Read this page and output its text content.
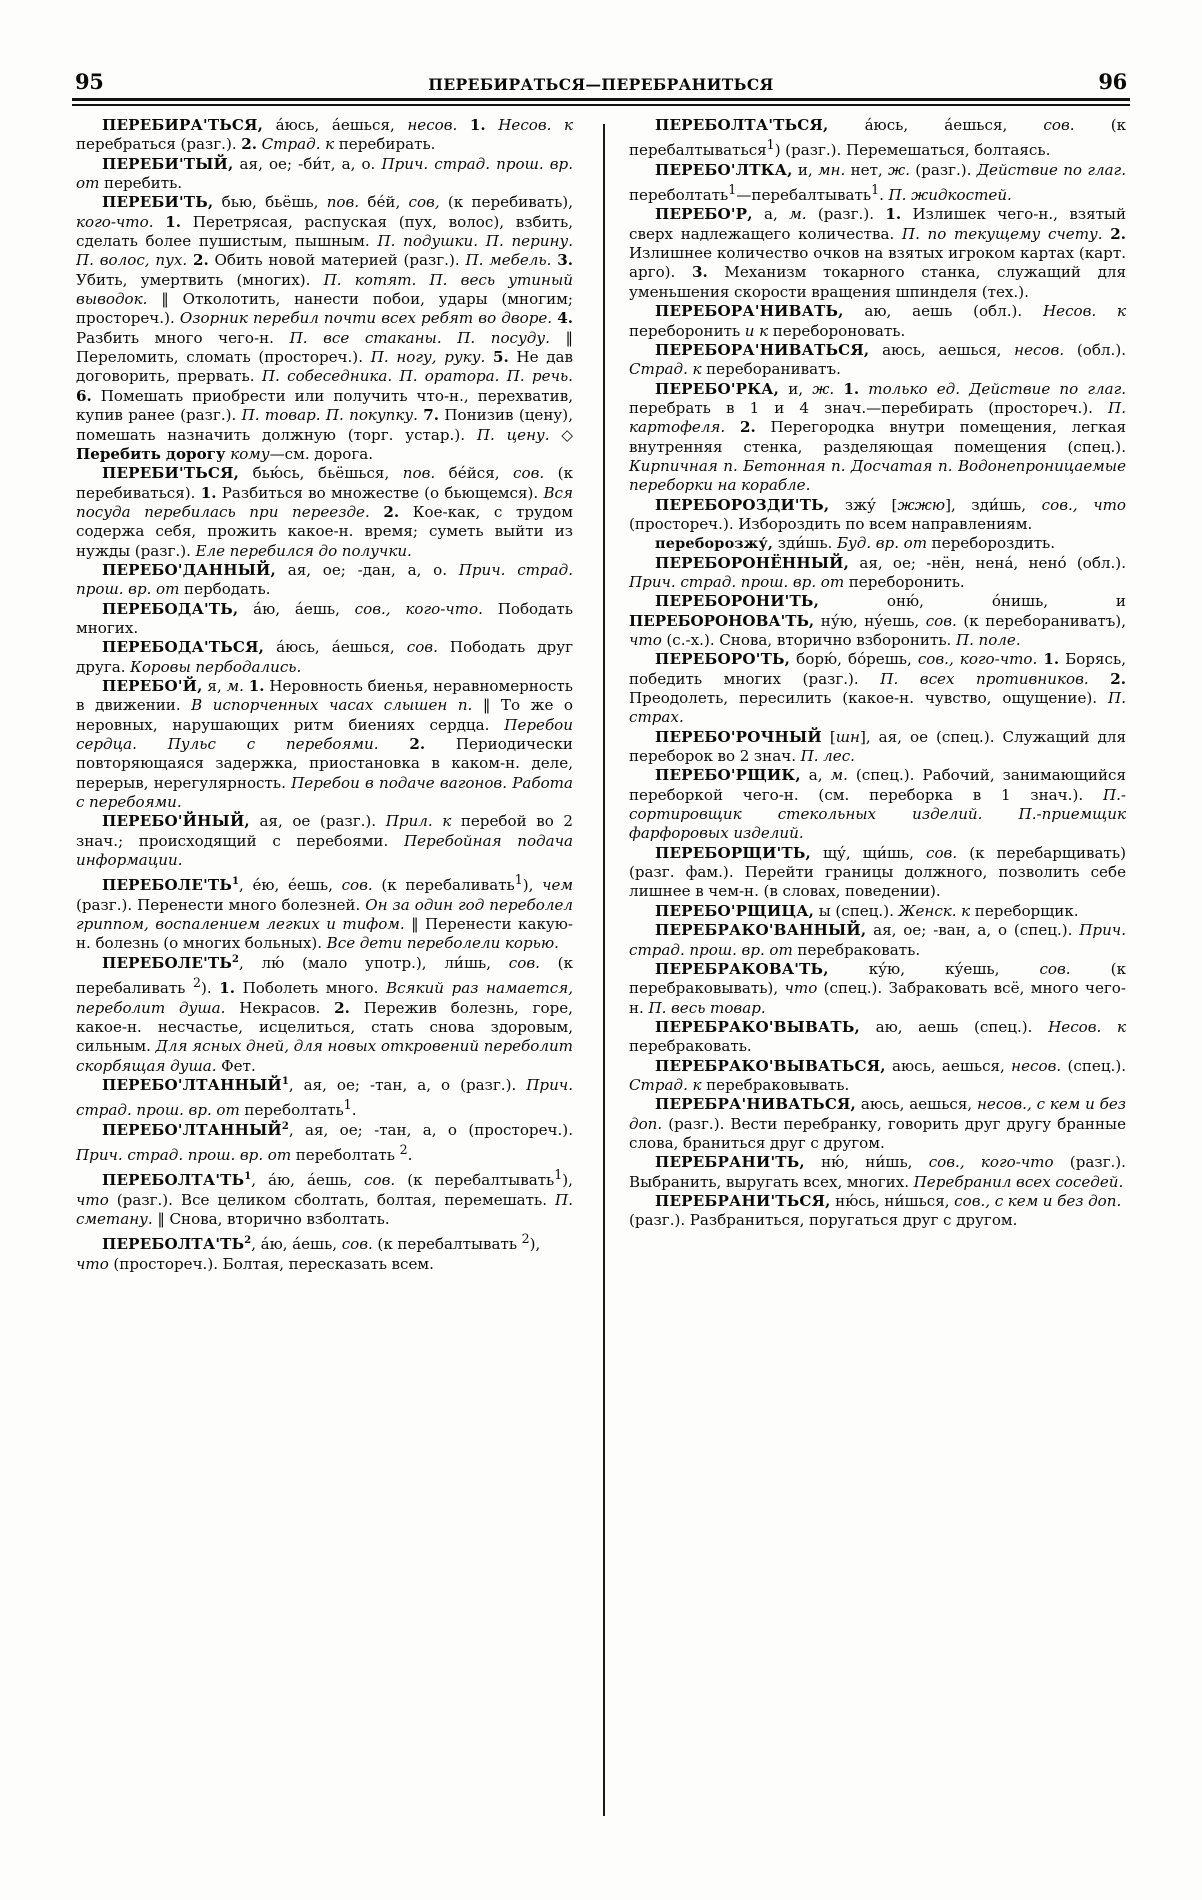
95	ПЕРЕБИРАТЬСЯ—ПЕРЕБРАНИТЬСЯ	96

ПЕРЕБИРА'ТЬСЯ, а́юсь, а́ешься, несов. 1. Несов. к перебраться (разг.). 2. Страд. к перебирать.

ПЕРЕБИ'ТЫЙ, ая, ое; -би́т, а, о. Прич. страд. прош. вр. от перебить.

ПЕРЕБИ'ТЬ, бью, бьёшь, пов. бе́й, сов, (к перебивать), кого-что. 1. Перетрясая, распуская (пух, волос), взбить, сделать более пушистым, пышным. П. подушки. П. перину. П. волос, пух. 2. Обить новой материей (разг.). П. мебель. 3. Убить, умертвить (многих). П. котят. П. весь утиный выводок. ‖ Отколотить, нанести побои, удары (многим; простореч.). Озорник перебил почти всех ребят во дворе. 4. Разбить много чего-н. П. все стаканы. П. посуду. ‖ Переломить, сломать (простореч.). П. ногу, руку. 5. Не дав договорить, прервать. П. собеседника. П. оратора. П. речь. 6. Помешать приобрести или получить что-н., перехватив, купив ранее (разг.). П. товар. П. покупку. 7. Понизив (цену), помешать назначить должную (торг. устар.). П. цену. ◇ Перебить дорогу кому—см. дорога.

ПЕРЕБИ'ТЬСЯ, бью́сь, бьёшься, пов. бе́йся, сов. (к перебиваться). 1. Разбиться во множестве (о бьющемся). Вся посуда перебилась при переезде. 2. Кое-как, с трудом содержа себя, прожить какое-н. время; суметь выйти из нужды (разг.). Еле перебился до получки.

ПЕРЕБО'ДАННЫЙ, ая, ое; -дан, а, о. Прич. страд. прош. вр. от пербодать.

ПЕРЕБОДА'ТЬ, а́ю, а́ешь, сов., кого-что. Пободать многих.

ПЕРЕБОДА'ТЬСЯ, а́юсь, а́ешься, сов. Пободать друг друга. Коровы пербодались.

ПЕРЕБО'Й, я, м. 1. Неровность биенья, неравномерность в движении. В испорченных часах слышен п. ‖ То же о неровных, нарушающих ритм биениях сердца. Перебои сердца. Пульс с перебоями. 2. Периодически повторяющаяся задержка, приостановка в каком-н. деле, перерыв, нерегулярность. Перебои в подаче вагонов. Работа с перебоями.

ПЕРЕБО'ЙНЫЙ, ая, ое (разг.). Прил. к перебой во 2 знач.; происходящий с перебоями. Перебойная подача информации.

$ПЕРЕБОЛЕ'ТЬ^1$, е́ю, е́ешь, сов. (к перебаливать$^1$), чем (разг.). Перенести много болезней. Он за один год переболел гриппом, воспалением легких и тифом. ‖ Перенести какую-н. болезнь (о многих больных). Все дети переболели корью.

$ПЕРЕБОЛЕ'ТЬ^2$, лю́ (мало употр.), ли́шь, сов. (к перебаливать $^2$). 1. Поболеть много. Всякий раз намается, переболит душа. Некрасов. 2. Пережив болезнь, горе, какое-н. несчастье, исцелиться, стать снова здоровым, сильным. Для ясных дней, для новых откровений переболит скорбящая душа. Фет.

ПЕРЕБО'ЛТАННЫЙ$^1$, ая, ое; -тан, а, о (разг.). Прич. страд. прош. вр. от переболтать$^1$.

ПЕРЕБО'ЛТАННЫЙ$^2$, ая, ое; -тан, а, о (простореч.). Прич. страд. прош. вр. от переболтать $^2$.

$ПЕРЕБОЛТА'ТЬ^1$, а́ю, а́ешь, сов. (к перебалтывать$^1$), что (разг.). Все целиком сболтать, болтая, перемешать. П. сметану. ‖ Снова, вторично взболтать.

$ПЕРЕБОЛТА'ТЬ^2$, а́ю, а́ешь, сов. (к перебалтывать $^2$), что (простореч.). Болтая, пересказать всем.

ПЕРЕБОЛТА'ТЬСЯ, а́юсь, а́ешься, сов. (к перебалтываться$^1$) (разг.). Перемешаться, болтаясь.

ПЕРЕБО'ЛТКА, и, мн. нет, ж. (разг.). Действие по глаг. переболтать$^1$—перебалтывать$^1$. П. жидкостей.

ПЕРЕБО'Р, а, м. (разг.). 1. Излишек чего-н., взятый сверх надлежащего количества. П. по текущему счету. 2. Излишнее количество очков на взятых игроком картах (карт. арго). 3. Механизм токарного станка, служащий для уменьшения скорости вращения шпинделя (тех.).

ПЕРЕБОРА'НИВАТЬ, аю, аешь (обл.). Несов. к переборонить и к перебороновать.

ПЕРЕБОРА'НИВАТЬСЯ, аюсь, аешься, несов. (обл.). Страд. к перебораниватъ.

ПЕРЕБО'РКА, и, ж. 1. только ед. Действие по глаг. перебрать в 1 и 4 знач.—перебирать (простореч.). П. картофеля. 2. Перегородка внутри помещения, легкая внутренняя стенка, разделяющая помещения (спец.). Кирпичная п. Бетонная п. Досчатая п. Водонепроницаемые переборки на корабле.

ПЕРЕБОРОЗДИ'ТЬ, зжу́ [жжю], зди́шь, сов., что (простореч.). Избороздить по всем направлениям.

переборозжу́, зди́шь. Буд. вр. от перебороздить.

ПЕРЕБОРОНЁННЫЙ, ая, ое; -нён, нена́, нено́ (обл.). Прич. страд. прош. вр. от переборонить.

ПЕРЕБОРОНИ'ТЬ, оню́, о́нишь, и ПЕРЕБОРОНОВА'ТЬ, ну́ю, ну́ешь, сов. (к перебораниватъ), что (с.-х.). Снова, вторично взборонить. П. поле.

ПЕРЕБОРО'ТЬ, борю́, бо́решь, сов., кого-что. 1. Борясь, победить многих (разг.). П. всех противников. 2. Преодолеть, пересилить (какое-н. чувство, ощущение). П. страх.

ПЕРЕБО'РОЧНЫЙ [шн], ая, ое (спец.). Служащий для переборок во 2 знач. П. лес.

ПЕРЕБО'РЩИК, а, м. (спец.). Рабочий, занимающийся переборкой чего-н. (см. переборка в 1 знач.). П.-сортировщик стекольных изделий. П.-приемщик фарфоровых изделий.

ПЕРЕБОРЩИ'ТЬ, щу́, щи́шь, сов. (к перебарщивать) (разг. фам.). Перейти границы должного, позволить себе лишнее в чем-н. (в словах, поведении).

ПЕРЕБО'РЩИЦА, ы (спец.). Женск. к переборщик.

ПЕРЕБРАКО'ВАННЫЙ, ая, ое; -ван, а, о (спец.). Прич. страд. прош. вр. от перебраковать.

ПЕРЕБРАКОВА'ТЬ, ку́ю, ку́ешь, сов. (к перебраковывать), что (спец.). Забраковать всё, много чего-н. П. весь товар.

ПЕРЕБРАКО'ВЫВАТЬ, аю, аешь (спец.). Несов. к перебраковать.

ПЕРЕБРАКО'ВЫВАТЬСЯ, аюсь, аешься, несов. (спец.). Страд. к перебраковывать.

ПЕРЕБРА'НИВАТЬСЯ, аюсь, аешься, несов., с кем и без доп. (разг.). Вести перебранку, говорить друг другу бранные слова, браниться друг с другом.

ПЕРЕБРАНИ'ТЬ, ню́, ни́шь, сов., кого-что (разг.). Выбранить, выругать всех, многих. Перебранил всех соседей.

ПЕРЕБРАНИ'ТЬСЯ, ню́сь, ни́шься, сов., с кем и без доп. (разг.). Разбраниться, поругаться друг с другом.
